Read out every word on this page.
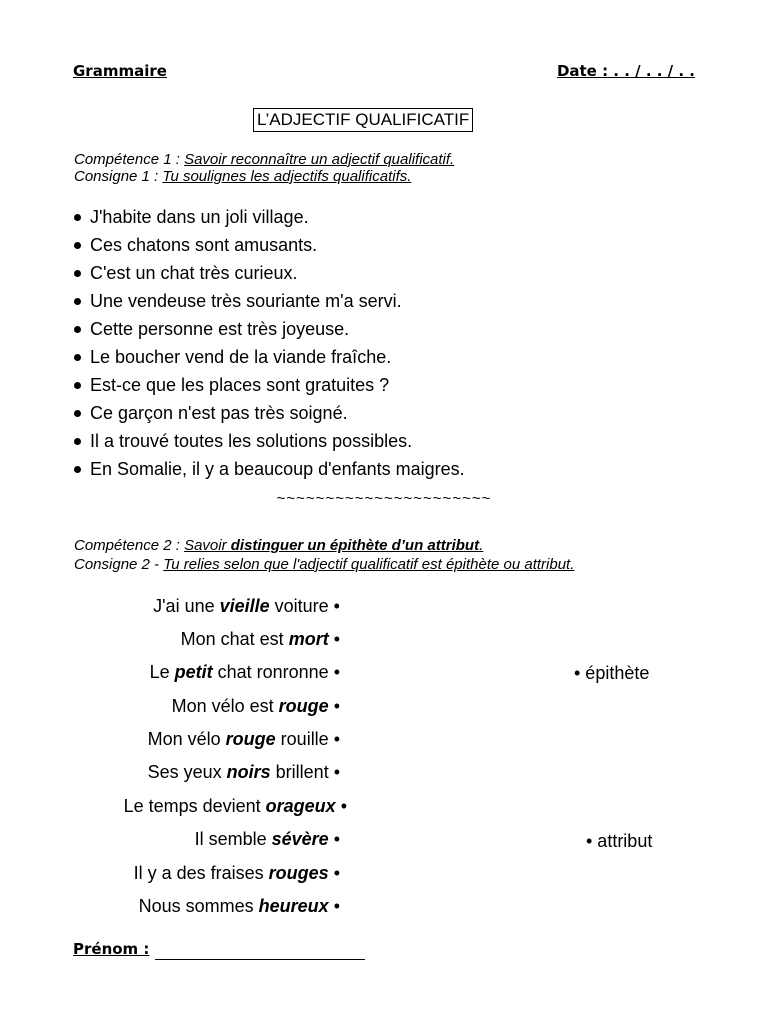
Grammaire	Date : . . / . . / . .
L’ADJECTIF QUALIFICATIF
Compétence 1 : Savoir reconnaître un adjectif qualificatif.
Consigne 1 : Tu soulignes les adjectifs qualificatifs.
J'habite dans un joli village.
Ces chatons sont amusants.
C'est un chat très curieux.
Une vendeuse très souriante m'a servi.
Cette personne est très joyeuse.
Le boucher vend de la viande fraîche.
Est-ce que les places sont gratuites ?
Ce garçon n'est pas très soigné.
Il a trouvé toutes les solutions possibles.
En Somalie, il y a beaucoup d'enfants maigres.
~~~~~~~~~~~~~~~~~~~~~~
Compétence 2 : Savoir distinguer un épithète d’un attribut.
Consigne 2 - Tu relies selon que l'adjectif qualificatif est épithète ou attribut.
J'ai une vieille voiture •
Mon chat est mort •
Le petit chat ronronne •
Mon vélo est rouge •
Mon vélo rouge rouille •
Ses yeux noirs brillent •
Le temps devient orageux •
Il semble sévère •
Il y a des fraises rouges •
Nous sommes heureux •
• épithète
• attribut
Prénom :
